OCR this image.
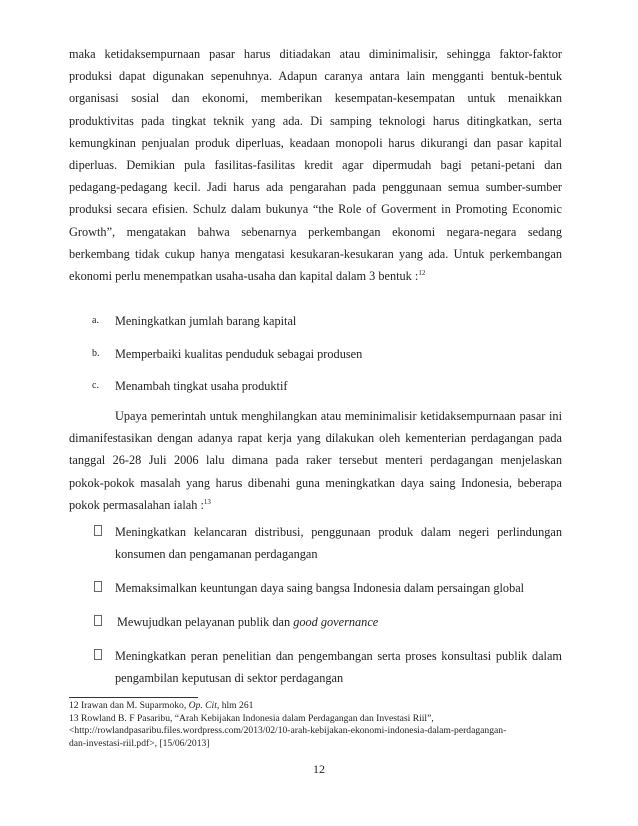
maka ketidaksempurnaan pasar harus ditiadakan atau diminimalisir, sehingga faktor-faktor
produksi dapat digunakan sepenuhnya. Adapun caranya antara lain mengganti bentuk-bentuk
organisasi sosial dan ekonomi, memberikan kesempatan-kesempatan untuk menaikkan
produktivitas pada tingkat teknik yang ada. Di samping teknologi harus ditingkatkan, serta
kemungkinan penjualan produk diperluas, keadaan monopoli harus dikurangi dan pasar kapital
diperluas. Demikian pula fasilitas-fasilitas kredit agar dipermudah bagi petani-petani dan
pedagang-pedagang kecil. Jadi harus ada pengarahan pada penggunaan semua sumber-sumber
produksi secara efisien. Schulz dalam bukunya “the Role of Goverment in Promoting Economic
Growth”, mengatakan bahwa sebenarnya perkembangan ekonomi negara-negara sedang
berkembang tidak cukup hanya mengatasi kesukaran-kesukaran yang ada. Untuk perkembangan
ekonomi perlu menempatkan usaha-usaha dan kapital dalam 3 bentuk :$^{12}$
a. Meningkatkan jumlah barang kapital
b. Memperbaiki kualitas penduduk sebagai produsen
c. Menambah tingkat usaha produktif
Upaya pemerintah untuk menghilangkan atau meminimalisir ketidaksempurnaan pasar ini
dimanifestasikan dengan adanya rapat kerja yang dilakukan oleh kementerian perdagangan pada
tanggal 26-28 Juli 2006 lalu dimana pada raker tersebut menteri perdagangan menjelaskan
pokok-pokok masalah yang harus dibenahi guna meningkatkan daya saing Indonesia, beberapa
pokok permasalahan ialah :$^{13}$
Meningkatkan kelancaran distribusi, penggunaan produk dalam negeri perlindungan
konsumen dan pengamanan perdagangan
Memaksimalkan keuntungan daya saing bangsa Indonesia dalam persaingan global
Mewujudkan pelayanan publik dan good governance
Meningkatkan peran penelitian dan pengembangan serta proses konsultasi publik dalam
pengambilan keputusan di sektor perdagangan
12 Irawan dan M. Suparmoko, Op. Cit, hlm 261
13 Rowland B. F Pasaribu, “Arah Kebijakan Indonesia dalam Perdagangan dan Investasi Riil”,
<http://rowlandpasaribu.files.wordpress.com/2013/02/10-arah-kebijakan-ekonomi-indonesia-dalam-perdagangan-
dan-investasi-riil.pdf>, [15/06/2013]
12
